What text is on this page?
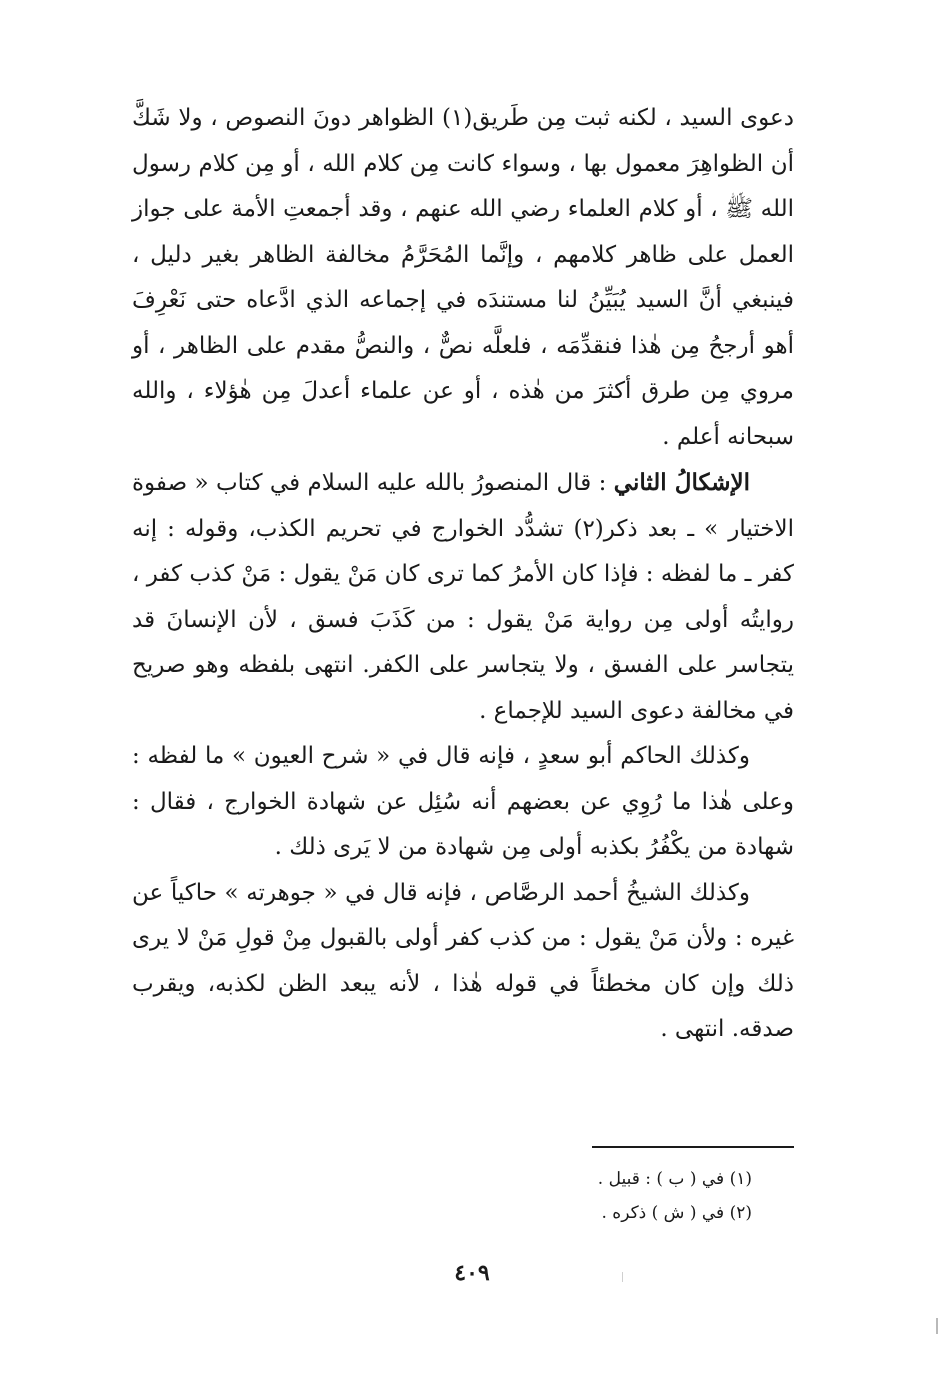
دعوى السيد ، لكنه ثبت مِن طَريق(١) الظواهر دونَ النصوص ، ولا شَكَّ أن الظواهِرَ معمول بها ، وسواء كانت مِن كلام الله ، أو مِن كلام رسول الله ﷺ ، أو كلام العلماء رضي الله عنهم ، وقد أجمعتِ الأمة على جواز العمل على ظاهر كلامهم ، وإنَّما المُحَرَّمُ مخالفة الظاهر بغير دليل ، فينبغي أنَّ السيد يُبَيِّنُ لنا مستندَه في إجماعه الذي ادَّعاه حتى نَعْرِفَ أهو أرجحُ مِن هٰذا فنقدِّمَه ، فلعلَّه نصٌّ ، والنصُّ مقدم على الظاهر ، أو مروي مِن طرق أكثرَ من هٰذه ، أو عن علماء أعدلَ مِن هٰؤلاء ، والله سبحانه أعلم .

الإشكالُ الثاني : قال المنصورُ بالله عليه السلام في كتاب « صفوة الاختيار » ـ بعد ذكر(٢) تشدُّد الخوارج في تحريم الكذب، وقوله : إنه كفر ـ ما لفظه : فإذا كان الأمرُ كما ترى كان مَنْ يقول : مَنْ كذب كفر ، روايتُه أولى مِن رواية مَنْ يقول : من كَذَبَ فسق ، لأن الإنسانَ قد يتجاسر على الفسق ، ولا يتجاسر على الكفر. انتهى بلفظه وهو صريح في مخالفة دعوى السيد للإجماع .

وكذلك الحاكم أبو سعدٍ ، فإنه قال في « شرح العيون » ما لفظه : وعلى هٰذا ما رُوِي عن بعضهم أنه سُئِل عن شهادة الخوارج ، فقال : شهادة من يكْفُرُ بكذبه أولى مِن شهادة من لا يَرى ذلك .

وكذلك الشيخُ أحمد الرصَّاص ، فإنه قال في « جوهرته » حاكياً عن غيره : ولأن مَنْ يقول : من كذب كفر أولى بالقبول مِنْ قولِ مَنْ لا يرى ذلك وإن كان مخطئاً في قوله هٰذا ، لأنه يبعد الظن لكذبه، ويقرب صدقه. انتهى .

(١) في ( ب ) : قبيل .

(٢) في ( ش ) ذكره .

٤٠٩
